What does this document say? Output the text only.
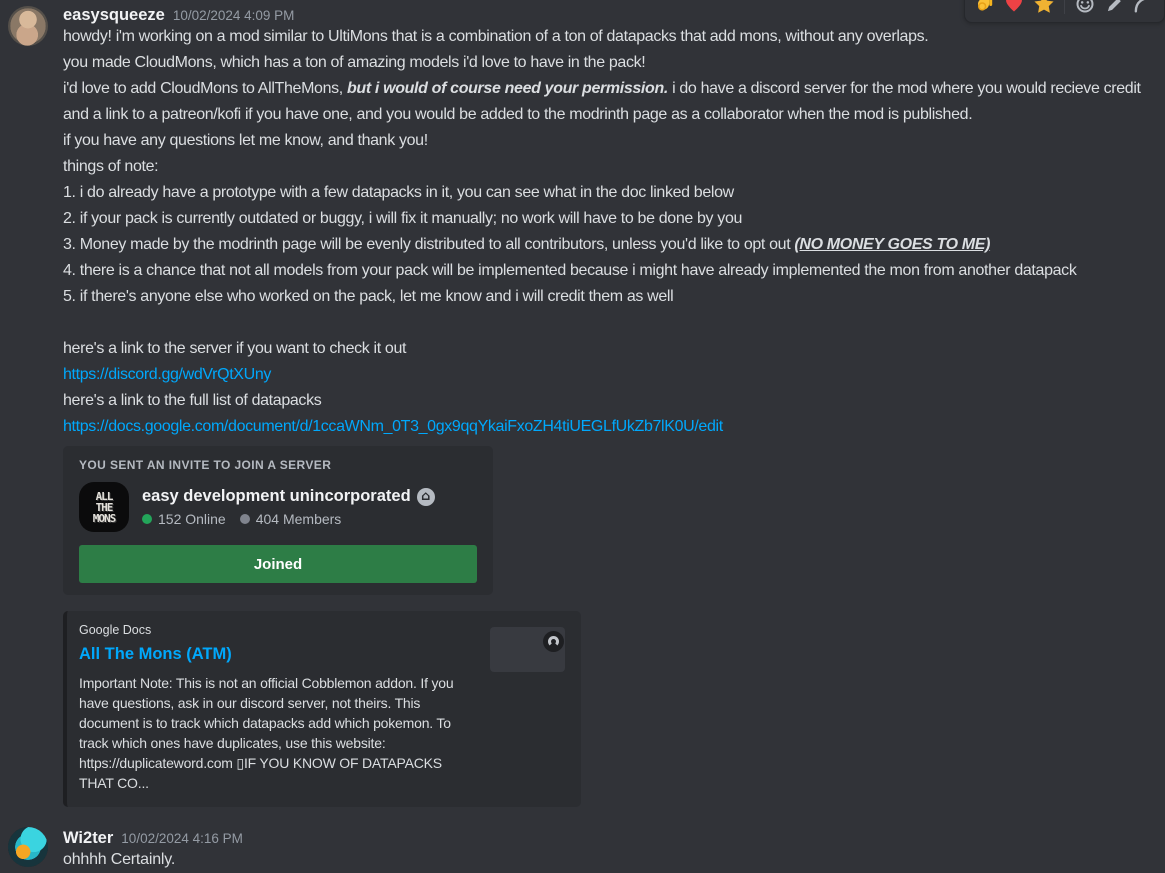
easysqueeze 10/02/2024 4:09 PM
howdy! i'm working on a mod similar to UltiMons that is a combination of a ton of datapacks that add mons, without any overlaps.
you made CloudMons, which has a ton of amazing models i'd love to have in the pack!
i'd love to add CloudMons to AllTheMons, but i would of course need your permission. i do have a discord server for the mod where you would recieve credit and a link to a patreon/kofi if you have one, and you would be added to the modrinth page as a collaborator when the mod is published.
if you have any questions let me know, and thank you!
things of note:
1. i do already have a prototype with a few datapacks in it, you can see what in the doc linked below
2. if your pack is currently outdated or buggy, i will fix it manually; no work will have to be done by you
3. Money made by the modrinth page will be evenly distributed to all contributors, unless you'd like to opt out (NO MONEY GOES TO ME)
4. there is a chance that not all models from your pack will be implemented because i might have already implemented the mon from another datapack
5. if there's anyone else who worked on the pack, let me know and i will credit them as well
here's a link to the server if you want to check it out
https://discord.gg/wdVrQtXUny
here's a link to the full list of datapacks
https://docs.google.com/document/d/1ccaWNm_0T3_0gx9qqYkaiFxoZH4tiUEGLfUkZb7lK0U/edit
YOU SENT AN INVITE TO JOIN A SERVER
ALL
THE
MONS
easy development unincorporated ⌂
152 Online 404 Members
Joined
Google Docs
All The Mons (ATM)
Important Note: This is not an official Cobblemon addon. If you have questions, ask in our discord server, not theirs. This document is to track which datapacks add which pokemon. To track which ones have duplicates, use this website: https://duplicateword.com ▯IF YOU KNOW OF DATAPACKS THAT CO...
Wi2ter 10/02/2024 4:16 PM
ohhhh Certainly.
